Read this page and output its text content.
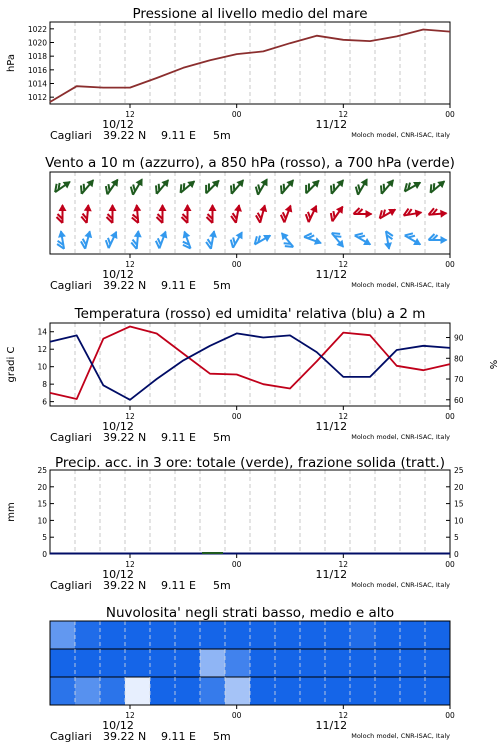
Pressione al livello medio del mare
12	00	12	00
10/12	11/12
Cagliari 39.22 N 9.11 E 5m	Moloch model, CNR-ISAC, Italy
1012
1014
1016
1018
1020
1022
hPa
Vento a 10 m (azzurro), a 850 hPa (rosso), a 700 hPa (verde)
12	00	12	00
10/12	11/12
Cagliari 39.22 N 9.11 E 5m	Moloch model, CNR-ISAC, Italy
Temperatura (rosso) ed umidita' relativa (blu) a 2 m
12	00	12	00
10/12	11/12
Cagliari 39.22 N 9.11 E 5m	Moloch model, CNR-ISAC, Italy
6
8
10
12
14
gradi C
60
70
80
90
%
Precip. acc. in 3 ore: totale (verde), frazione solida (tratt.)
12	00	12	00
10/12	11/12
Cagliari 39.22 N 9.11 E 5m	Moloch model, CNR-ISAC, Italy
0	0
5	5
10	10
15	15
20	20
25	25
mm
Nuvolosita' negli strati basso, medio e alto
12	00	12	00
10/12	11/12
Cagliari 39.22 N 9.11 E 5m	Moloch model, CNR-ISAC, Italy
